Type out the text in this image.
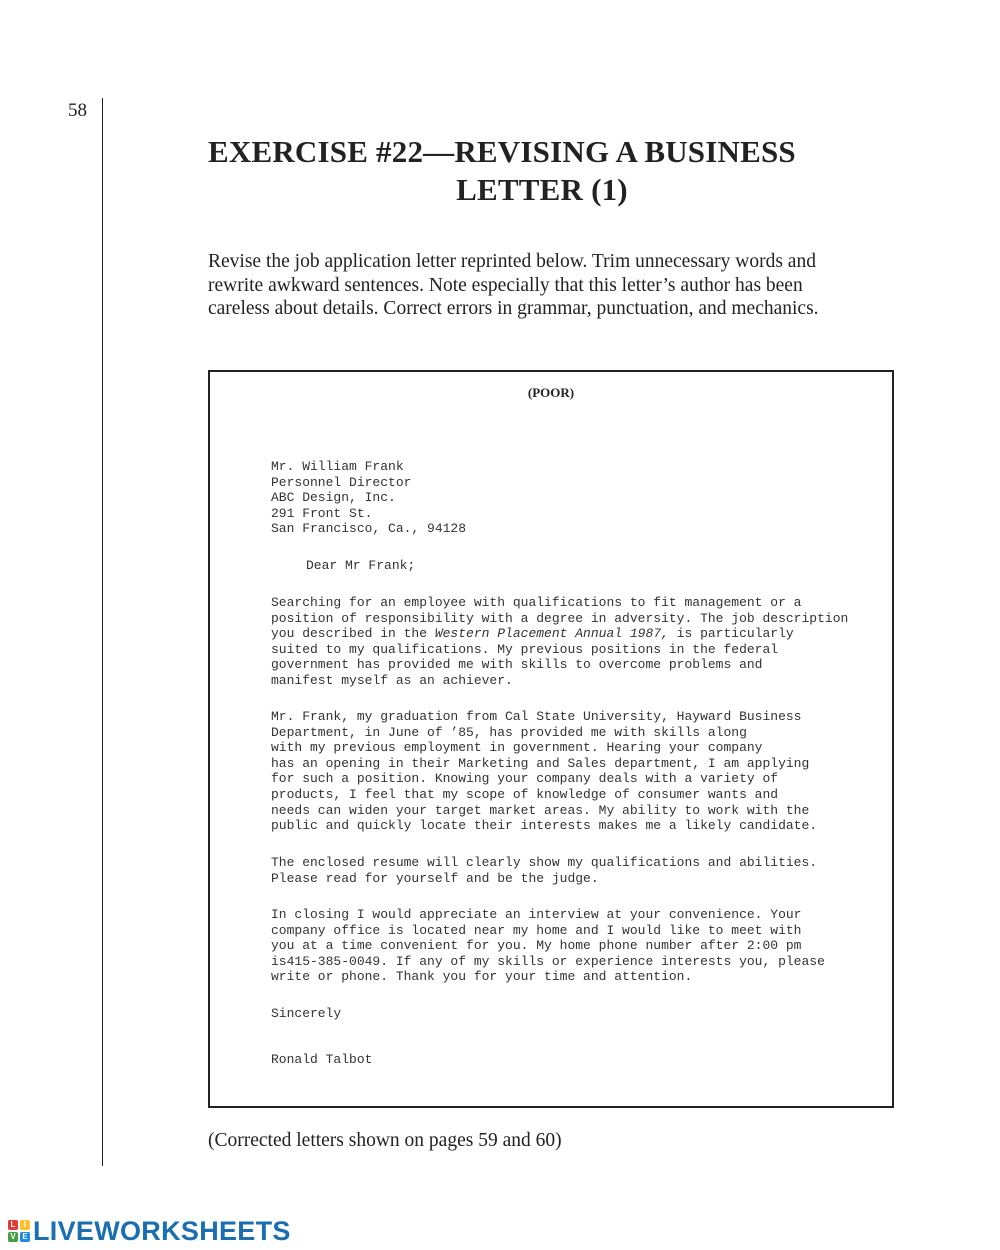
58
EXERCISE #22—REVISING A BUSINESS
LETTER (1)
Revise the job application letter reprinted below. Trim unnecessary words and
rewrite awkward sentences. Note especially that this letter’s author has been
careless about details. Correct errors in grammar, punctuation, and mechanics.
(POOR)
Mr. William Frank
Personnel Director
ABC Design, Inc.
291 Front St.
San Francisco, Ca., 94128
Dear Mr Frank;
Searching for an employee with qualifications to fit management or a
position of responsibility with a degree in adversity. The job description
you described in the Western Placement Annual 1987, is particularly
suited to my qualifications. My previous positions in the federal
government has provided me with skills to overcome problems and
manifest myself as an achiever.
Mr. Frank, my graduation from Cal State University, Hayward Business
Department, in June of ’85, has provided me with skills along
with my previous employment in government. Hearing your company
has an opening in their Marketing and Sales department, I am applying
for such a position. Knowing your company deals with a variety of
products, I feel that my scope of knowledge of consumer wants and
needs can widen your target market areas. My ability to work with the
public and quickly locate their interests makes me a likely candidate.
The enclosed resume will clearly show my qualifications and abilities.
Please read for yourself and be the judge.
In closing I would appreciate an interview at your convenience. Your
company office is located near my home and I would like to meet with
you at a time convenient for you. My home phone number after 2:00 pm
is415-385-0049. If any of my skills or experience interests you, please
write or phone. Thank you for your time and attention.
Sincerely
Ronald Talbot
(Corrected letters shown on pages 59 and 60)
L	I
V E LIVEWORKSHEETS
